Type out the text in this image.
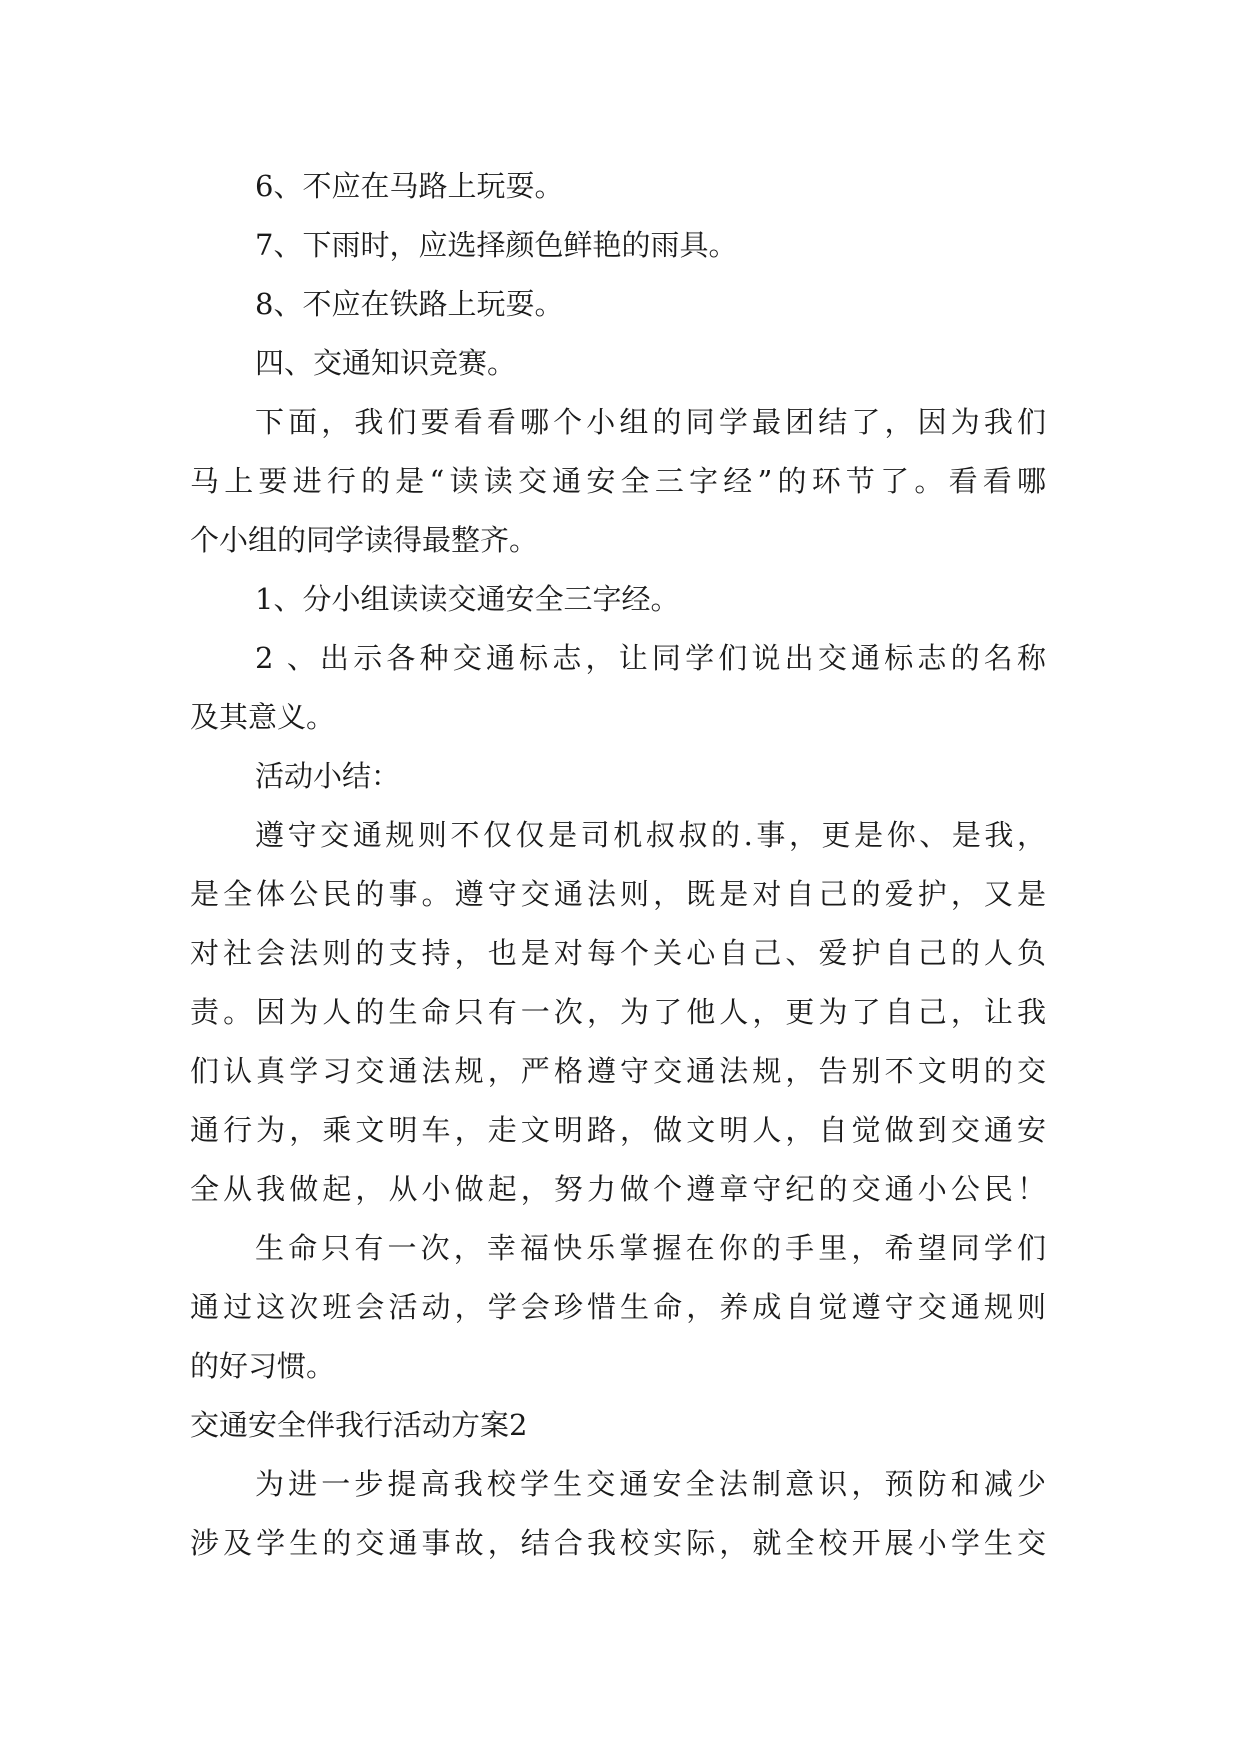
6、不应在马路上玩耍。
7、下雨时，应选择颜色鲜艳的雨具。
8、不应在铁路上玩耍。
四、交通知识竞赛。
下面，我们要看看哪个小组的同学最团结了，因为我们
马上要进行的是“读读交通安全三字经”的环节了。看看哪
个小组的同学读得最整齐。
1、分小组读读交通安全三字经。
2 、出示各种交通标志，让同学们说出交通标志的名称
及其意义。
活动小结：
遵守交通规则不仅仅是司机叔叔的.事，更是你、是我，
是全体公民的事。遵守交通法则，既是对自己的爱护，又是
对社会法则的支持，也是对每个关心自己、爱护自己的人负
责。因为人的生命只有一次，为了他人，更为了自己，让我
们认真学习交通法规，严格遵守交通法规，告别不文明的交
通行为，乘文明车，走文明路，做文明人，自觉做到交通安
全从我做起，从小做起，努力做个遵章守纪的交通小公民！
生命只有一次，幸福快乐掌握在你的手里，希望同学们
通过这次班会活动，学会珍惜生命，养成自觉遵守交通规则
的好习惯。
交通安全伴我行活动方案2
为进一步提高我校学生交通安全法制意识，预防和减少
涉及学生的交通事故，结合我校实际，就全校开展小学生交
